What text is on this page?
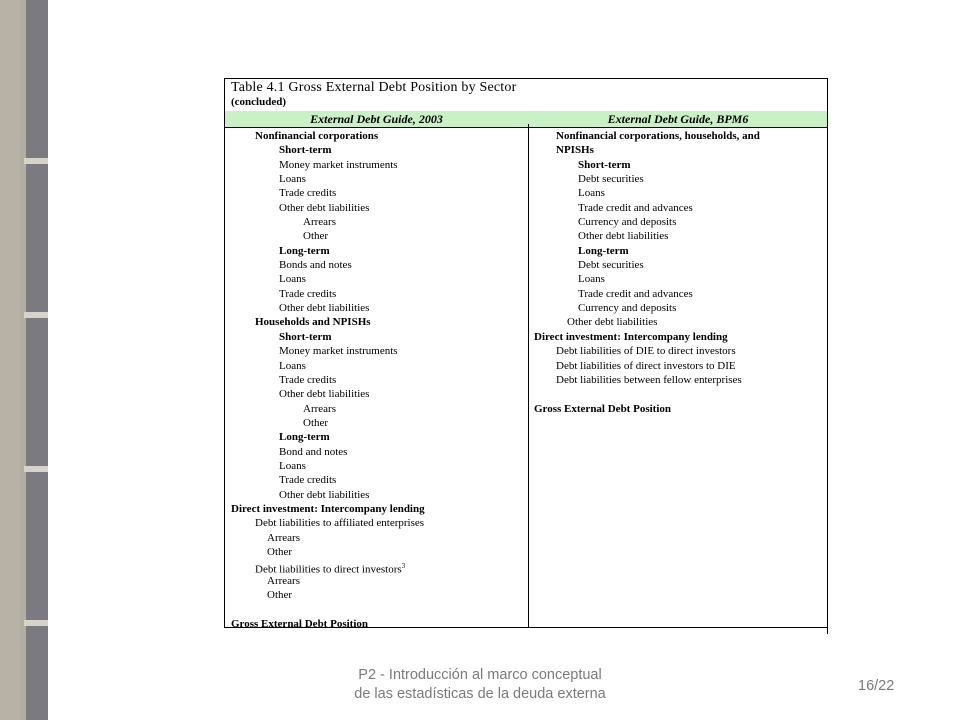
Table 4.1 Gross External Debt Position by Sector
(concluded)
External Debt Guide, 2003	External Debt Guide, BPM6
Nonfinancial corporations
Short-term
Money market instruments
Loans
Trade credits
Other debt liabilities
Arrears
Other
Long-term
Bonds and notes
Loans
Trade credits
Other debt liabilities
Households and NPISHs
Short-term
Money market instruments
Loans
Trade credits
Other debt liabilities
Arrears
Other
Long-term
Bond and notes
Loans
Trade credits
Other debt liabilities
Direct investment: Intercompany lending
Debt liabilities to affiliated enterprises
Arrears
Other
Debt liabilities to direct investors$^3$
Arrears
Other
Gross External Debt Position
Nonfinancial corporations, households, and
NPISHs
Short-term
Debt securities
Loans
Trade credit and advances
Currency and deposits
Other debt liabilities
Long-term
Debt securities
Loans
Trade credit and advances
Currency and deposits
Other debt liabilities
Direct investment: Intercompany lending
Debt liabilities of DIE to direct investors
Debt liabilities of direct investors to DIE
Debt liabilities between fellow enterprises
Gross External Debt Position
P2 - Introducción al marco conceptual
de las estadísticas de la deuda externa	16/22
